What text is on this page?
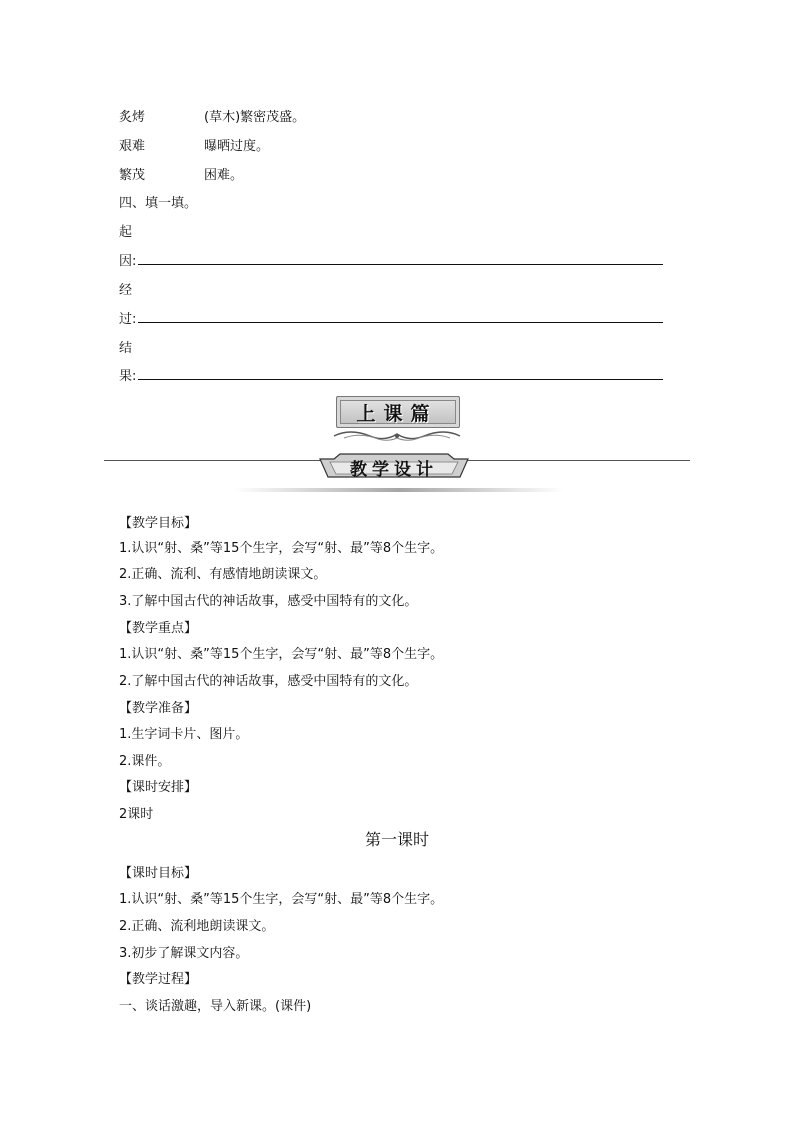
炙烤	(草木)繁密茂盛。
艰难	曝晒过度。
繁茂	困难。
四、填一填。
起
因:
经
过:
结
果:
上课篇
教学设计
【教学目标】
1.认识“射、桑”等15个生字，会写“射、最”等8个生字。
2.正确、流利、有感情地朗读课文。
3.了解中国古代的神话故事，感受中国特有的文化。
【教学重点】
1.认识“射、桑”等15个生字，会写“射、最”等8个生字。
2.了解中国古代的神话故事，感受中国特有的文化。
【教学准备】
1.生字词卡片、图片。
2.课件。
【课时安排】
2课时
第一课时
【课时目标】
1.认识“射、桑”等15个生字，会写“射、最”等8个生字。
2.正确、流利地朗读课文。
3.初步了解课文内容。
【教学过程】
一、谈话激趣，导入新课。(课件)
